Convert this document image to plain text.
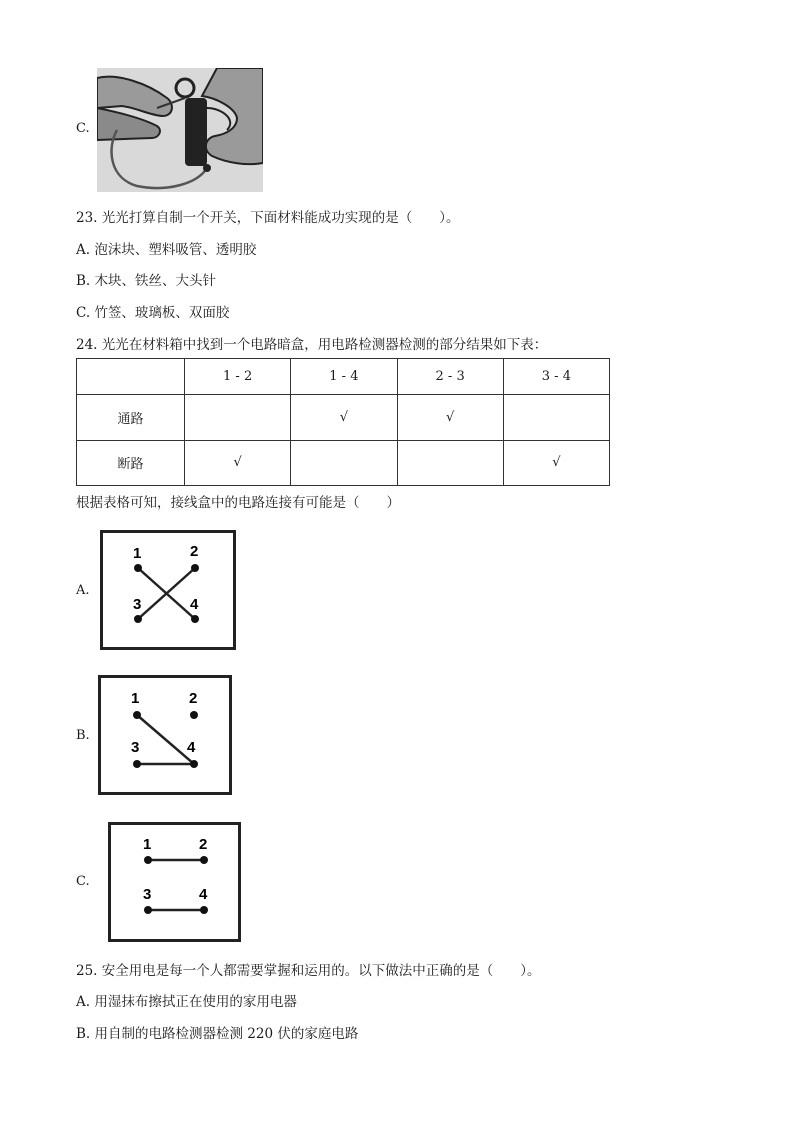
C.
23. 光光打算自制一个开关，下面材料能成功实现的是（　　）。
A. 泡沫块、塑料吸管、透明胶
B. 木块、铁丝、大头针
C. 竹签、玻璃板、双面胶
24. 光光在材料箱中找到一个电路暗盒，用电路检测器检测的部分结果如下表：
	1 - 2	1 - 4	2 - 3	3 - 4
通路		√	√	
断路	√			√
根据表格可知，接线盒中的电路连接有可能是（　　）
A.
1	2
3	4
B.
1	2
3	4
C.
1	2
3	4
25. 安全用电是每一个人都需要掌握和运用的。以下做法中正确的是（　　）。
A. 用湿抹布擦拭正在使用的家用电器
B. 用自制的电路检测器检测 220 伏的家庭电路
